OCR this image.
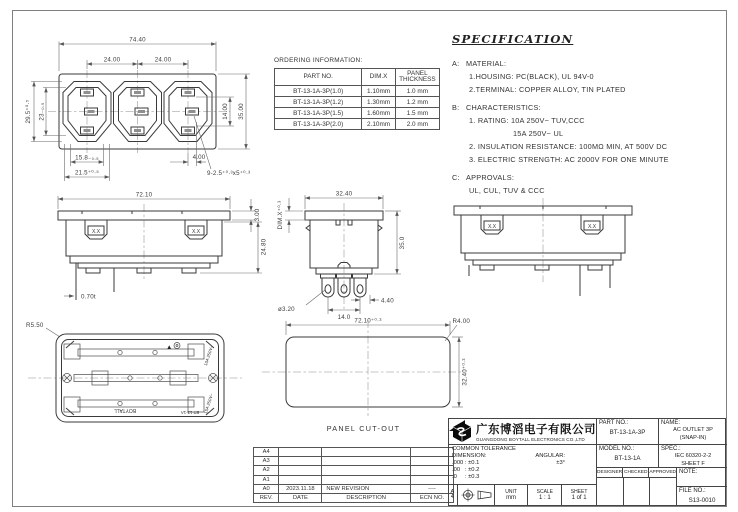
74.40
24.00	24.00
29.5⁺⁰·⁵ 23₋₀.₅	14.00 35.00
15.8₋₀.₅
21.5⁺⁰·⁵
4.00
9-2.5⁺⁰·³x5⁺⁰·³
ORDERING INFORMATION:
PART NO.	DIM.X	PANEL
THICKNESS
BT-13-1A-3P(1.0)	1.10mm	1.0 mm
BT-13-1A-3P(1.2)	1.30mm	1.2 mm
BT-13-1A-3P(1.5)	1.60mm	1.5 mm
BT-13-1A-3P(2.0)	2.10mm	2.0 mm
SPECIFICATION
A: MATERIAL:
1.HOUSING: PC(BLACK), UL 94V-0
2.TERMINAL: COPPER ALLOY, TIN PLATED
B: CHARACTERISTICS:
1. RATING: 10A 250V~ TUV,CCC
15A 250V~ UL
2. INSULATION RESISTANCE: 100MΩ MIN, AT 500V DC
3. ELECTRIC STRENGTH: AC 2000V FOR ONE MINUTE
C: APPROVALS:
UL, CUL, TUV & CCC
X.X
72.10
3.00
24.80
0.70t
32.40
DIM.X⁺⁰·³
35.0
ø3.20
14.0
4.40
X.X
R5.50
▲
BOYTALL	BT-13-1A
10A 250V~
15A 250V~
72.10⁺⁰·³	R4.00
32.40⁺⁰·³
PANEL CUT-OUT
A4			
A3			
A2			
A1			
A0	2023.11.18	NEW REVISION	----
REV.	DATE	DESCRIPTION	ECN NO.
广东博滔电子有限公司
GUANGDONG BOYTALL ELECTRONICS CO.,LTD
COMMON TOLERANCE
DIMENSION:	ANGULAR:
.000 : ±0.1	±3°
.00   : ±0.2
.0     : ±0.3
A
4
UNIT
mm
SCALE
1 : 1
SHEET
1 of 1
PART NO.:
BT-13-1A-3P
NAME:
AC OUTLET 3P
(SNAP-IN)
MODEL NO.:
BT-13-1A
SPEC.:
IEC 60320-2-2
SHEET F
DESIGNER CHECKED APPROVED NOTE:
FILE NO.:
S13-0010
